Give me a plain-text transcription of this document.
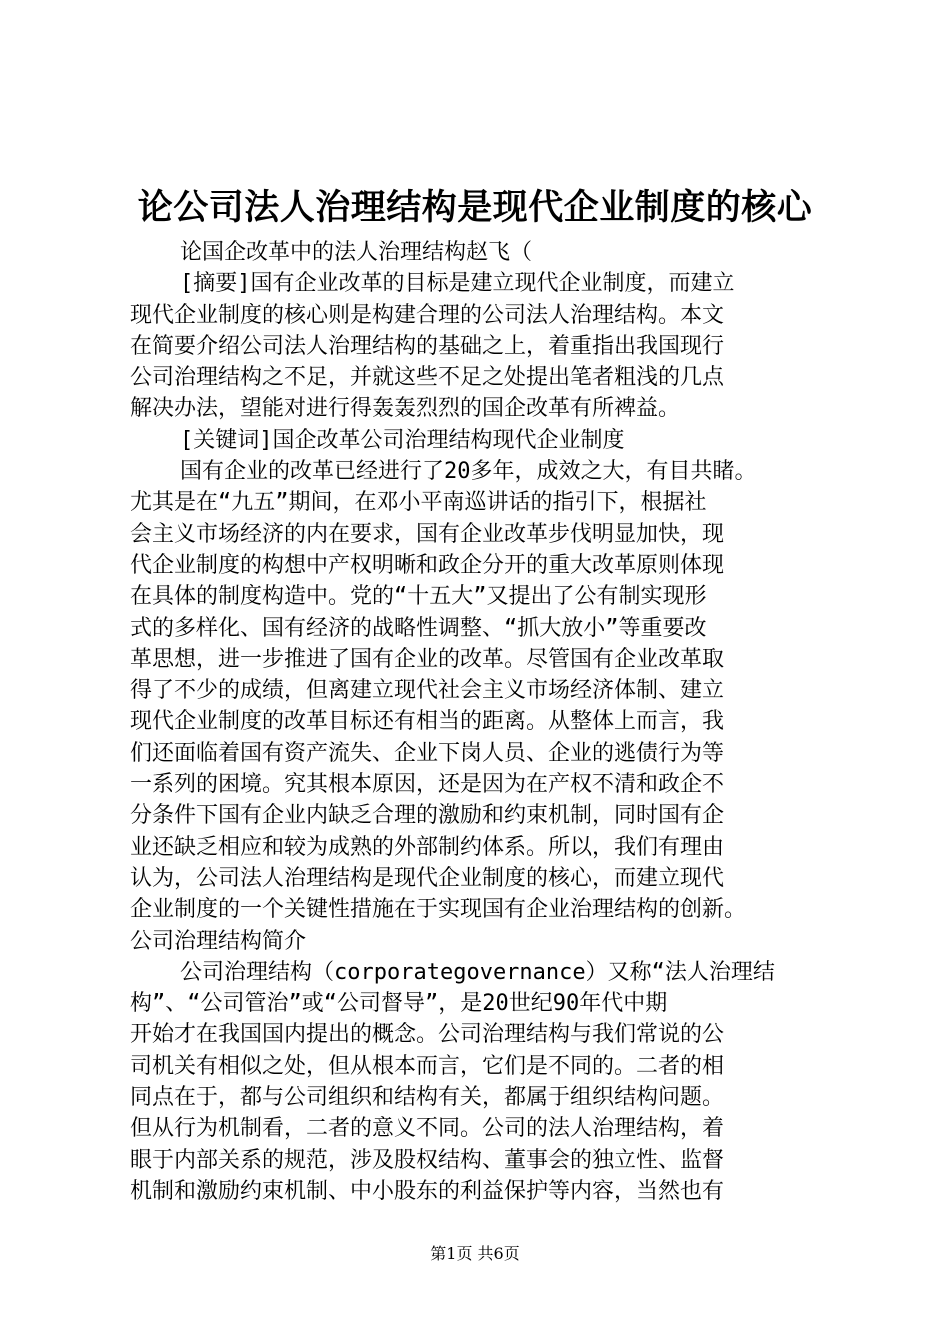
论公司法人治理结构是现代企业制度的核心
论国企改革中的法人治理结构赵飞（
[摘要]国有企业改革的目标是建立现代企业制度，而建立
现代企业制度的核心则是构建合理的公司法人治理结构。本文
在简要介绍公司法人治理结构的基础之上，着重指出我国现行
公司治理结构之不足，并就这些不足之处提出笔者粗浅的几点
解决办法，望能对进行得轰轰烈烈的国企改革有所裨益。
[关键词]国企改革公司治理结构现代企业制度
国有企业的改革已经进行了20多年，成效之大，有目共睹。
尤其是在“九五”期间，在邓小平南巡讲话的指引下，根据社
会主义市场经济的内在要求，国有企业改革步伐明显加快，现
代企业制度的构想中产权明晰和政企分开的重大改革原则体现
在具体的制度构造中。党的“十五大”又提出了公有制实现形
式的多样化、国有经济的战略性调整、“抓大放小”等重要改
革思想，进一步推进了国有企业的改革。尽管国有企业改革取
得了不少的成绩，但离建立现代社会主义市场经济体制、建立
现代企业制度的改革目标还有相当的距离。从整体上而言，我
们还面临着国有资产流失、企业下岗人员、企业的逃债行为等
一系列的困境。究其根本原因，还是因为在产权不清和政企不
分条件下国有企业内缺乏合理的激励和约束机制，同时国有企
业还缺乏相应和较为成熟的外部制约体系。所以，我们有理由
认为，公司法人治理结构是现代企业制度的核心，而建立现代
企业制度的一个关键性措施在于实现国有企业治理结构的创新。
公司治理结构简介
公司治理结构（corporategovernance）又称“法人治理结
构”、“公司管治”或“公司督导”，是20世纪90年代中期
开始才在我国国内提出的概念。公司治理结构与我们常说的公
司机关有相似之处，但从根本而言，它们是不同的。二者的相
同点在于，都与公司组织和结构有关，都属于组织结构问题。
但从行为机制看，二者的意义不同。公司的法人治理结构，着
眼于内部关系的规范，涉及股权结构、董事会的独立性、监督
机制和激励约束机制、中小股东的利益保护等内容，当然也有
第1页 共6页
